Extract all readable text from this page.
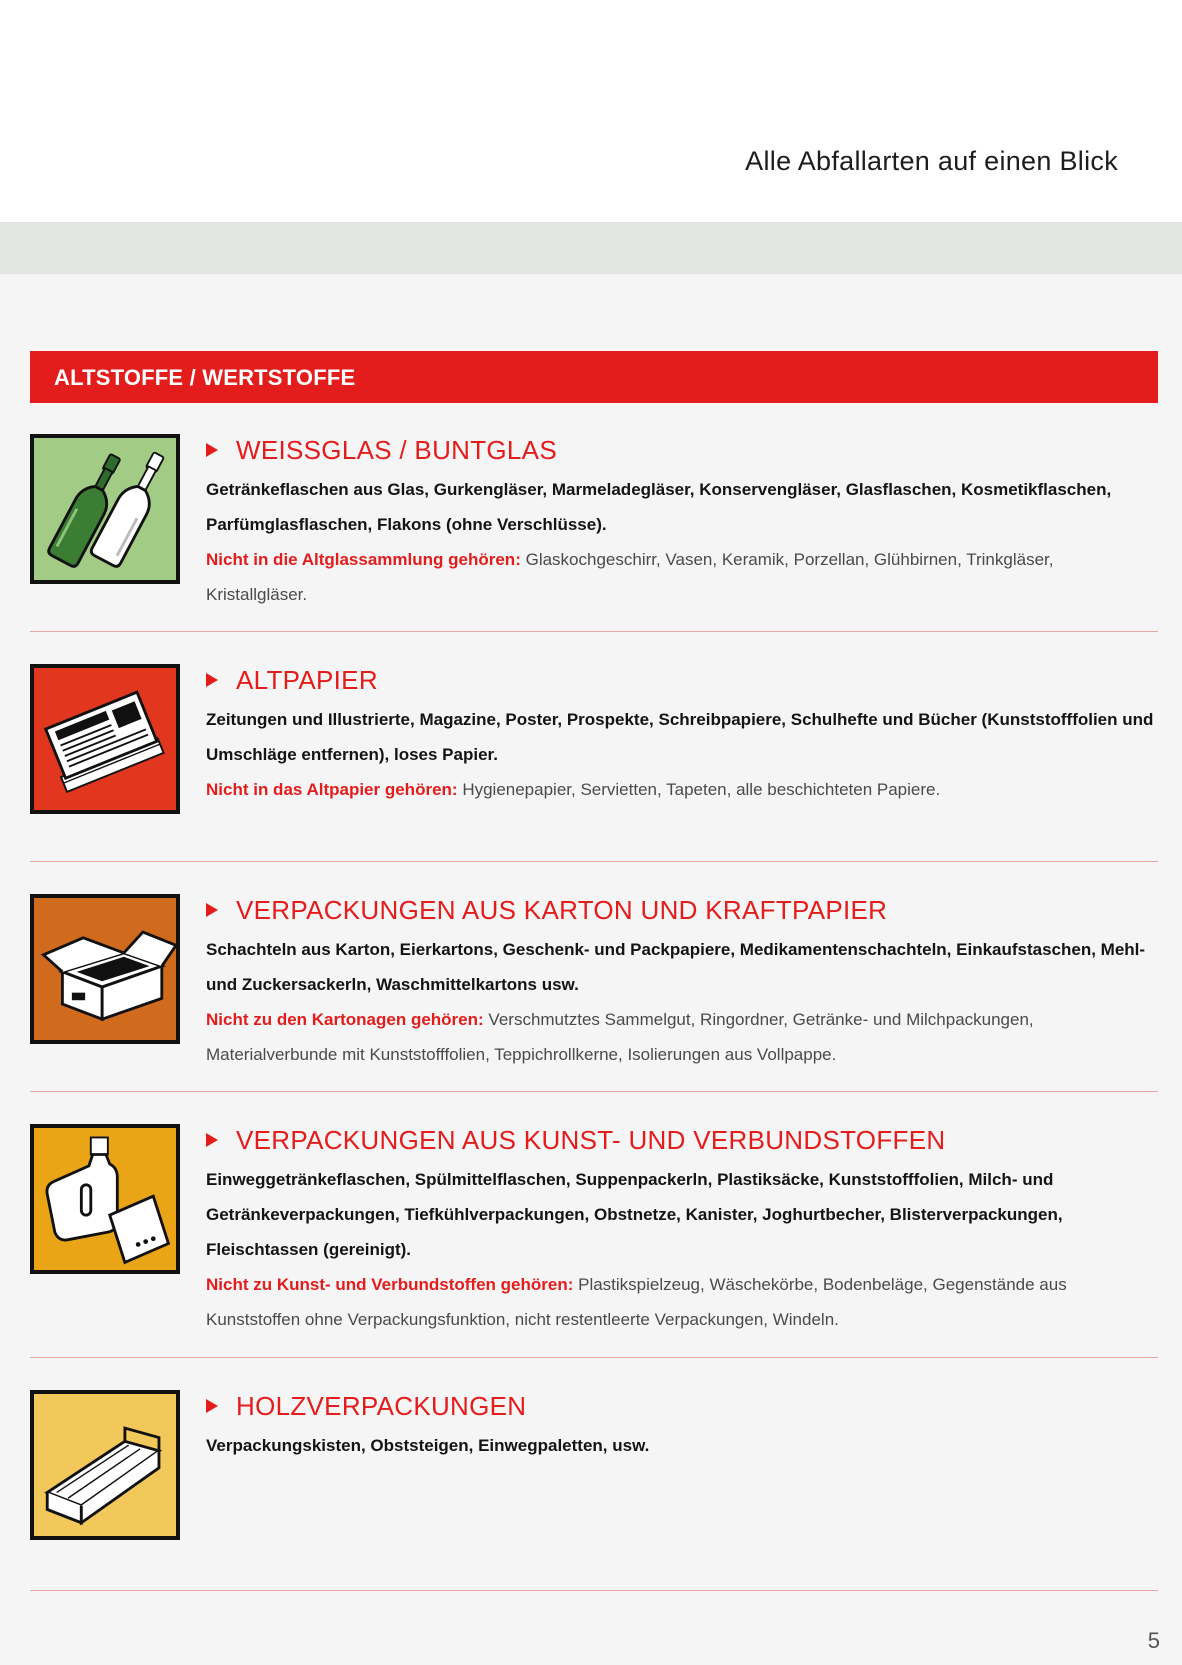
Alle Abfallarten auf einen Blick
ALTSTOFFE / WERTSTOFFE
WEISSGLAS / BUNTGLAS
Getränkeflaschen aus Glas, Gurkengläser, Marmeladegläser, Konservengläser, Glasflaschen, Kosmetikflaschen, Parfümglasflaschen, Flakons (ohne Verschlüsse).
Nicht in die Altglassammlung gehören: Glaskochgeschirr, Vasen, Keramik, Porzellan, Glühbirnen, Trinkgläser, Kristallgläser.
ALTPAPIER
Zeitungen und Illustrierte, Magazine, Poster, Prospekte, Schreibpapiere, Schulhefte und Bücher (Kunststofffolien und Umschläge entfernen), loses Papier.
Nicht in das Altpapier gehören: Hygienepapier, Servietten, Tapeten, alle beschichteten Papiere.
VERPACKUNGEN AUS KARTON UND KRAFTPAPIER
Schachteln aus Karton, Eierkartons, Geschenk- und Packpapiere, Medikamentenschachteln, Einkaufstaschen, Mehl- und Zuckersackerln, Waschmittelkartons usw.
Nicht zu den Kartonagen gehören: Verschmutztes Sammelgut, Ringordner, Getränke- und Milchpackungen, Materialverbunde mit Kunststofffolien, Teppichrollkerne, Isolierungen aus Vollpappe.
VERPACKUNGEN AUS KUNST- UND VERBUNDSTOFFEN
Einweggetränkeflaschen, Spülmittelflaschen, Suppenpackerln, Plastiksäcke, Kunststofffolien, Milch- und Getränkeverpackungen, Tiefkühlverpackungen, Obstnetze, Kanister, Joghurtbecher, Blisterverpackungen, Fleischtassen (gereinigt).
Nicht zu Kunst- und Verbundstoffen gehören: Plastikspielzeug, Wäschekörbe, Bodenbeläge, Gegenstände aus Kunststoffen ohne Verpackungsfunktion, nicht restentleerte Verpackungen, Windeln.
HOLZVERPACKUNGEN
Verpackungskisten, Obststeigen, Einwegpaletten, usw.
5
